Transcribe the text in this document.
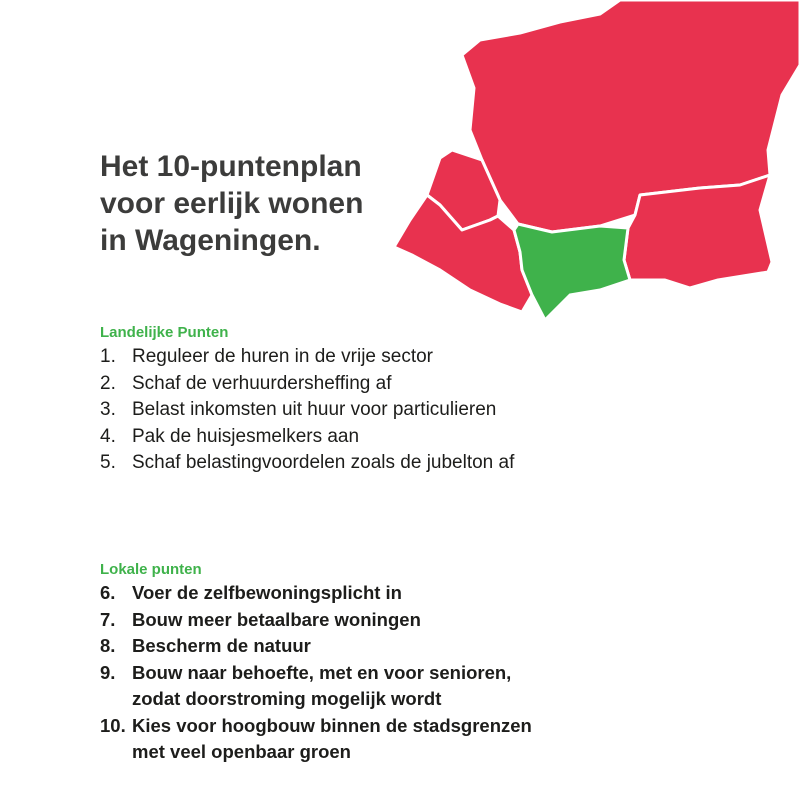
Het 10-puntenplan
voor eerlijk wonen
in Wageningen.
Landelijke Punten
1. Reguleer de huren in de vrije sector
2. Schaf de verhuurdersheffing af
3. Belast inkomsten uit huur voor particulieren
4. Pak de huisjesmelkers aan
5. Schaf belastingvoordelen zoals de jubelton af
Lokale punten
6. Voer de zelfbewoningsplicht in
7. Bouw meer betaalbare woningen
8. Bescherm de natuur
9. Bouw naar behoefte, met en voor senioren,
zodat doorstroming mogelijk wordt
10. Kies voor hoogbouw binnen de stadsgrenzen
met veel openbaar groen
